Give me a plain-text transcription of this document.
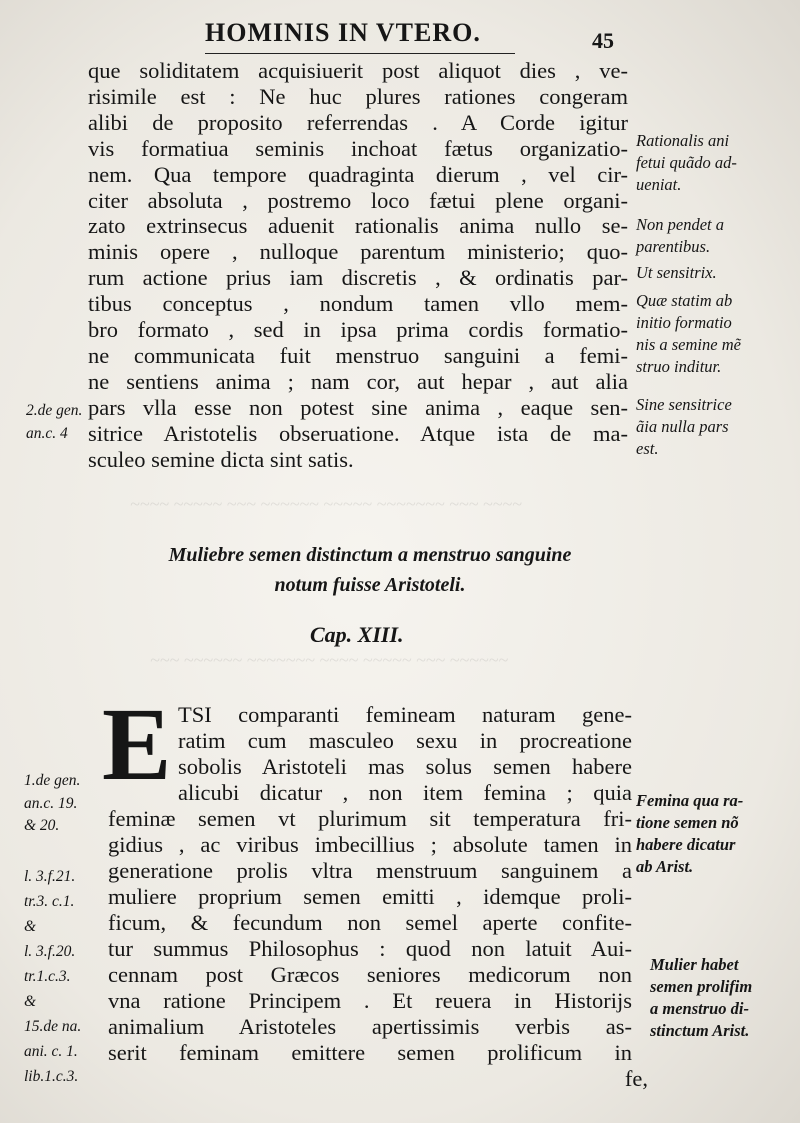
HOMINIS IN VTERO.	45
~~~~ ~~~~~ ~~~ ~~~~~~ ~~~~~ ~~~~~~~ ~~~ ~~~~
~~~ ~~~~~~ ~~~~~~~ ~~~~ ~~~~~ ~~~ ~~~~~~
que soliditatem acquisiuerit post aliquot dies , ve-
risimile est : Ne huc plures rationes congeram
alibi de proposito referrendas . A Corde igitur
vis formatiua seminis inchoat fætus organizatio-
nem. Qua tempore quadraginta dierum , vel cir-
citer absoluta , postremo loco fætui plene organi-
zato extrinsecus aduenit rationalis anima nullo se-
minis opere , nulloque parentum ministerio; quo-
rum actione prius iam discretis , & ordinatis par-
tibus conceptus , nondum tamen vllo mem-
bro formato , sed in ipsa prima cordis formatio-
ne communicata fuit menstruo sanguini a femi-
ne sentiens anima ; nam cor, aut hepar , aut alia
pars vlla esse non potest sine anima , eaque sen-
sitrice Aristotelis obseruatione. Atque ista de ma-
sculeo semine dicta sint satis.
Muliebre semen distinctum a menstruo sanguine
notum fuisse Aristoteli.
Cap. XIII.
E TSI comparanti femineam naturam gene-
ratim cum masculeo sexu in procreatione
sobolis Aristoteli mas solus semen habere
alicubi dicatur , non item femina ; quia
feminæ semen vt plurimum sit temperatura fri-
gidius , ac viribus imbecillius ; absolute tamen in
generatione prolis vltra menstruum sanguinem a
muliere proprium semen emitti , idemque proli-
ficum, & fecundum non semel aperte confite-
tur summus Philosophus : quod non latuit Aui-
cennam post Græcos seniores medicorum non
vna ratione Principem . Et reuera in Historijs
animalium Aristoteles apertissimis verbis as-
serit feminam emittere semen prolificum in
fe,
Rationalis ani
fetui quãdo ad-
ueniat.
Non pendet a
parentibus.
Ut sensitrix.
Quæ statim ab
initio formatio
nis a semine mẽ
struo inditur.
Sine sensitrice
ãia nulla pars
est.
Femina qua ra-
tione semen nõ
habere dicatur
ab Arist.
Mulier habet
semen prolifim
a menstruo di-
stinctum Arist.
2.de gen.
an.c. 4
1.de gen.
an.c. 19.
& 20.
l. 3.f.21.
tr.3. c.1.
&
l. 3.f.20.
tr.1.c.3.
&
15.de na.
ani. c. 1.
lib.1.c.3.
